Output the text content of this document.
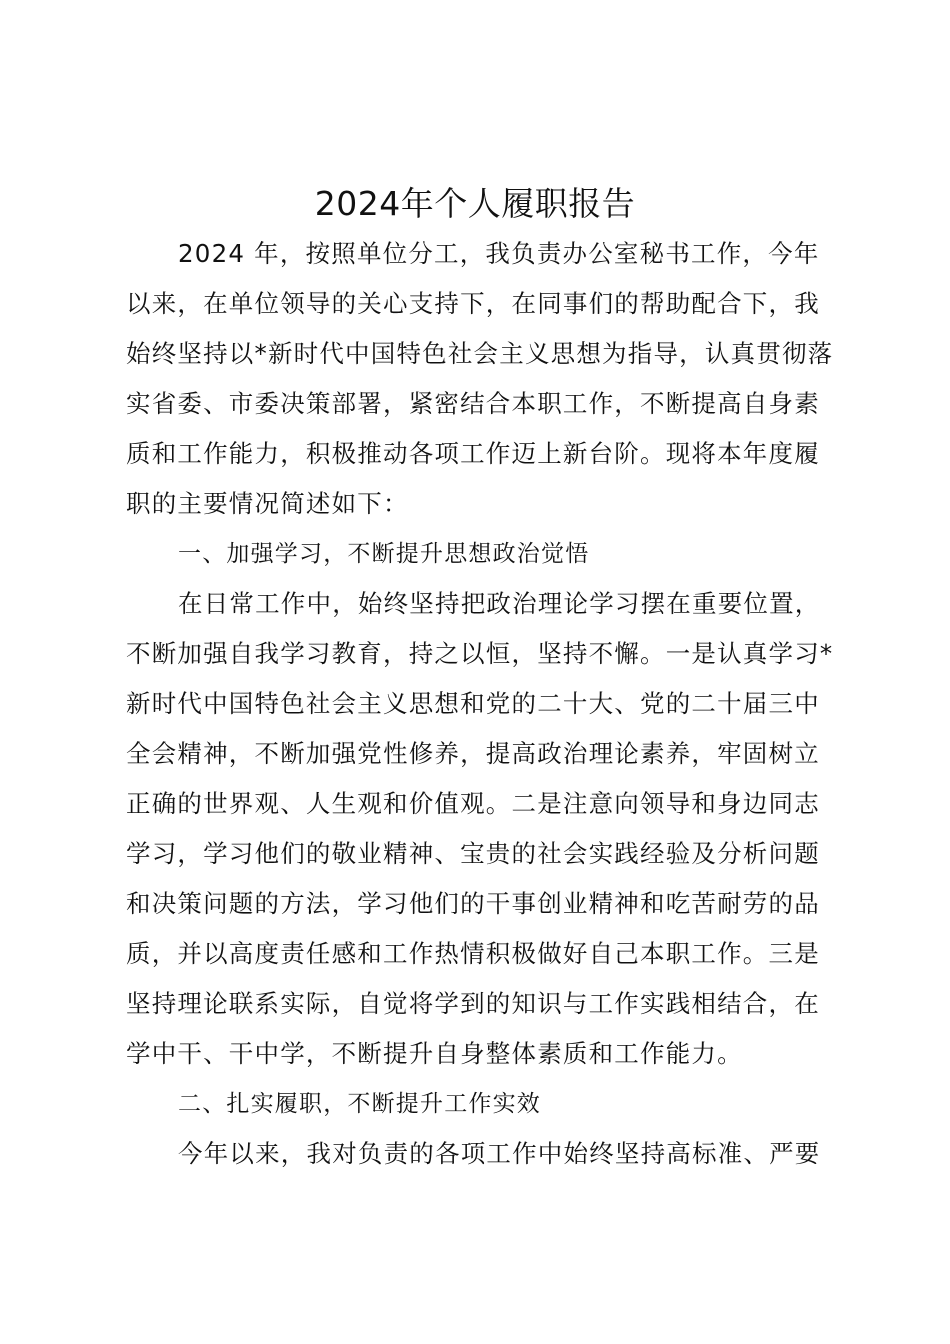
2024年个人履职报告
2024 年，按照单位分工，我负责办公室秘书工作，今年
以来，在单位领导的关心支持下，在同事们的帮助配合下，我
始终坚持以*新时代中国特色社会主义思想为指导，认真贯彻落
实省委、市委决策部署，紧密结合本职工作，不断提高自身素
质和工作能力，积极推动各项工作迈上新台阶。现将本年度履
职的主要情况简述如下：
一、加强学习，不断提升思想政治觉悟
在日常工作中，始终坚持把政治理论学习摆在重要位置，
不断加强自我学习教育，持之以恒，坚持不懈。一是认真学习*
新时代中国特色社会主义思想和党的二十大、党的二十届三中
全会精神，不断加强党性修养，提高政治理论素养，牢固树立
正确的世界观、人生观和价值观。二是注意向领导和身边同志
学习，学习他们的敬业精神、宝贵的社会实践经验及分析问题
和决策问题的方法，学习他们的干事创业精神和吃苦耐劳的品
质，并以高度责任感和工作热情积极做好自己本职工作。三是
坚持理论联系实际，自觉将学到的知识与工作实践相结合，在
学中干、干中学，不断提升自身整体素质和工作能力。
二、扎实履职，不断提升工作实效
今年以来，我对负责的各项工作中始终坚持高标准、严要
